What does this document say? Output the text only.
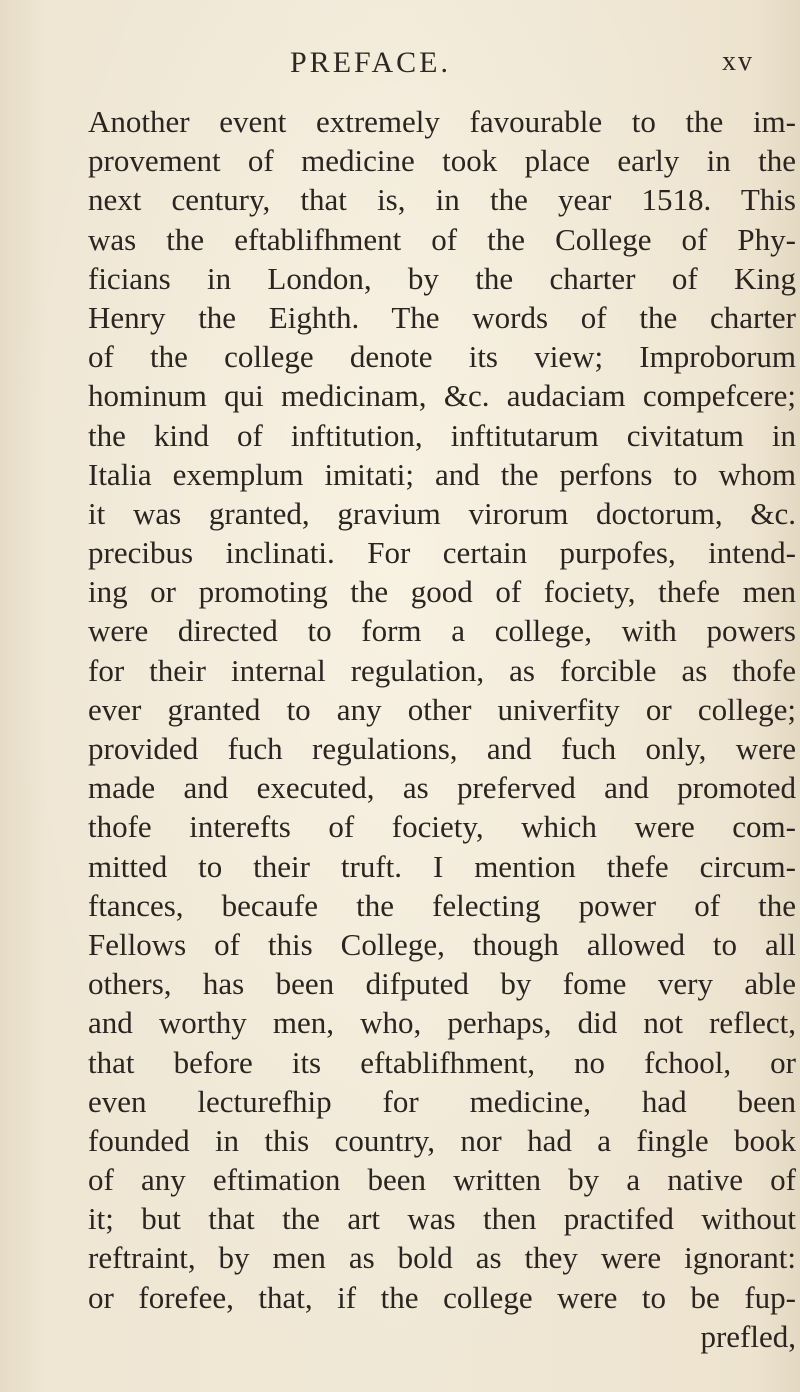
PREFACE.	xv
Another event extremely favourable to the im-
provement of medicine took place early in the
next century, that is, in the year 1518. This
was the eftablifhment of the College of Phy-
ficians in London, by the charter of King
Henry the Eighth. The words of the charter
of the college denote its view; Improborum
hominum qui medicinam, &c. audaciam compefcere;
the kind of inftitution, inftitutarum civitatum in
Italia exemplum imitati; and the perfons to whom
it was granted, gravium virorum doctorum, &c.
precibus inclinati. For certain purpofes, intend-
ing or promoting the good of fociety, thefe men
were directed to form a college, with powers
for their internal regulation, as forcible as thofe
ever granted to any other univerfity or college;
provided fuch regulations, and fuch only, were
made and executed, as preferved and promoted
thofe interefts of fociety, which were com-
mitted to their truft. I mention thefe circum-
ftances, becaufe the felecting power of the
Fellows of this College, though allowed to all
others, has been difputed by fome very able
and worthy men, who, perhaps, did not reflect,
that before its eftablifhment, no fchool, or
even lecturefhip for medicine, had been
founded in this country, nor had a fingle book
of any eftimation been written by a native of
it; but that the art was then practifed without
reftraint, by men as bold as they were ignorant:
or forefee, that, if the college were to be fup-
prefled,
